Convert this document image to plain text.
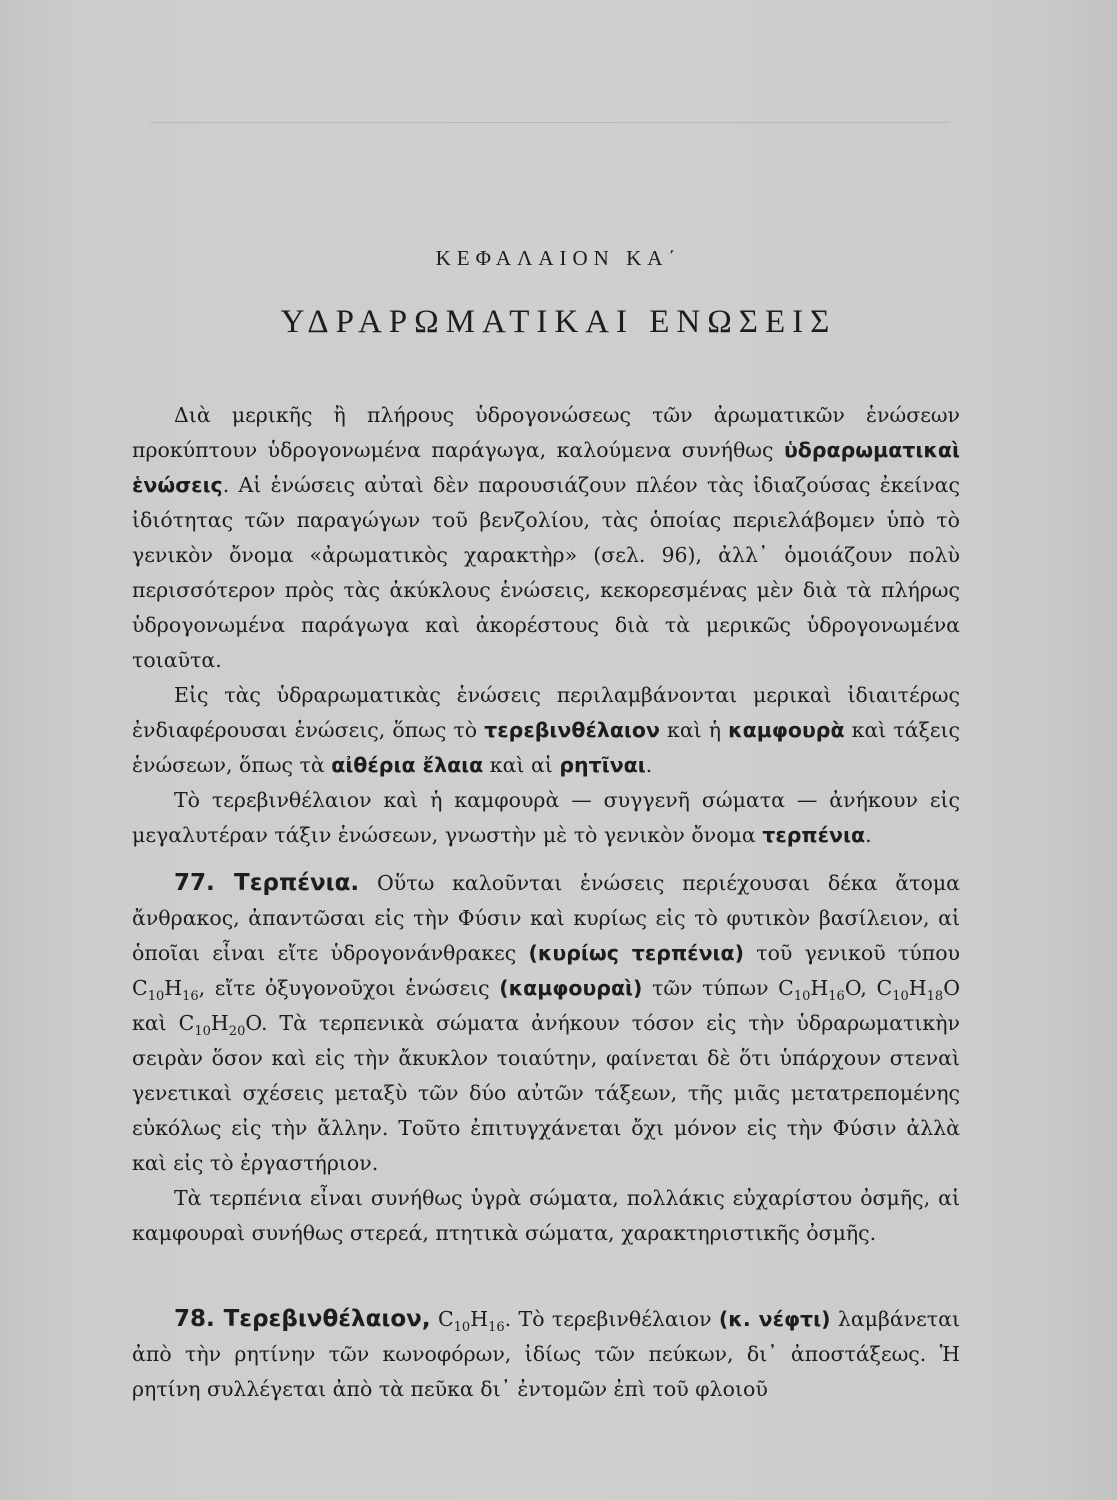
ΚΕΦΑΛΑΙΟΝ ΚΑ΄
ΥΔΡΑΡΩΜΑΤΙΚΑΙ ΕΝΩΣΕΙΣ

Διὰ μερικῆς ἢ πλήρους ὑδρογονώσεως τῶν ἀρωματικῶν ἑνώσεων προκύπτουν ὑδρογονωμένα παράγωγα, καλούμενα συνήθως ὑδραρωματικαὶ ἑνώσεις. Αἱ ἑνώσεις αὐταὶ δὲν παρουσιάζουν πλέον τὰς ἰδιαζούσας ἐκείνας ἰδιότητας τῶν παραγώγων τοῦ βενζολίου, τὰς ὁποίας περιελάβομεν ὑπὸ τὸ γενικὸν ὄνομα «ἀρωματικὸς χαρακτὴρ» (σελ. 96), ἀλλ᾽ ὁμοιάζουν πολὺ περισσότερον πρὸς τὰς ἀκύκλους ἑνώσεις, κεκορεσμένας μὲν διὰ τὰ πλήρως ὑδρογονωμένα παράγωγα καὶ ἀκορέστους διὰ τὰ μερικῶς ὑδρογονωμένα τοιαῦτα.

Εἰς τὰς ὑδραρωματικὰς ἑνώσεις περιλαμβάνονται μερικαὶ ἰδιαιτέρως ἐνδιαφέρουσαι ἑνώσεις, ὅπως τὸ τερεβινθέλαιον καὶ ἡ καμφουρὰ καὶ τάξεις ἑνώσεων, ὅπως τὰ αἰθέρια ἔλαια καὶ αἱ ρητῖναι.

Τὸ τερεβινθέλαιον καὶ ἡ καμφουρὰ — συγγενῆ σώματα — ἀνήκουν εἰς μεγαλυτέραν τάξιν ἑνώσεων, γνωστὴν μὲ τὸ γενικὸν ὄνομα τερπένια.

77. Τερπένια. Οὕτω καλοῦνται ἑνώσεις περιέχουσαι δέκα ἄτομα ἄνθρακος, ἀπαντῶσαι εἰς τὴν Φύσιν καὶ κυρίως εἰς τὸ φυτικὸν βασίλειον, αἱ ὁποῖαι εἶναι εἴτε ὑδρογονάνθρακες (κυρίως τερπένια) τοῦ γενικοῦ τύπου $C_{10}H_{16}$, εἴτε ὀξυγονοῦχοι ἑνώσεις (καμφουραὶ) τῶν τύπων $C_{10}H_{16}O$, $C_{10}H_{18}O$ καὶ $C_{10}H_{20}O$. Τὰ τερπενικὰ σώματα ἀνήκουν τόσον εἰς τὴν ὑδραρωματικὴν σειρὰν ὅσον καὶ εἰς τὴν ἄκυκλον τοιαύτην, φαίνεται δὲ ὅτι ὑπάρχουν στεναὶ γενετικαὶ σχέσεις μεταξὺ τῶν δύο αὐτῶν τάξεων, τῆς μιᾶς μετατρεπομένης εὐκόλως εἰς τὴν ἄλλην. Τοῦτο ἐπιτυγχάνεται ὄχι μόνον εἰς τὴν Φύσιν ἀλλὰ καὶ εἰς τὸ ἐργαστήριον.

Τὰ τερπένια εἶναι συνήθως ὑγρὰ σώματα, πολλάκις εὐχαρίστου ὀσμῆς, αἱ καμφουραὶ συνήθως στερεά, πτητικὰ σώματα, χαρακτηριστικῆς ὀσμῆς.

78. Τερεβινθέλαιον, $C_{10}H_{16}$. Τὸ τερεβινθέλαιον (κ. νέφτι) λαμβάνεται ἀπὸ τὴν ρητίνην τῶν κωνοφόρων, ἰδίως τῶν πεύκων, δι᾽ ἀποστάξεως. Ἡ ρητίνη συλλέγεται ἀπὸ τὰ πεῦκα δι᾽ ἐντομῶν ἐπὶ τοῦ φλοιοῦ
